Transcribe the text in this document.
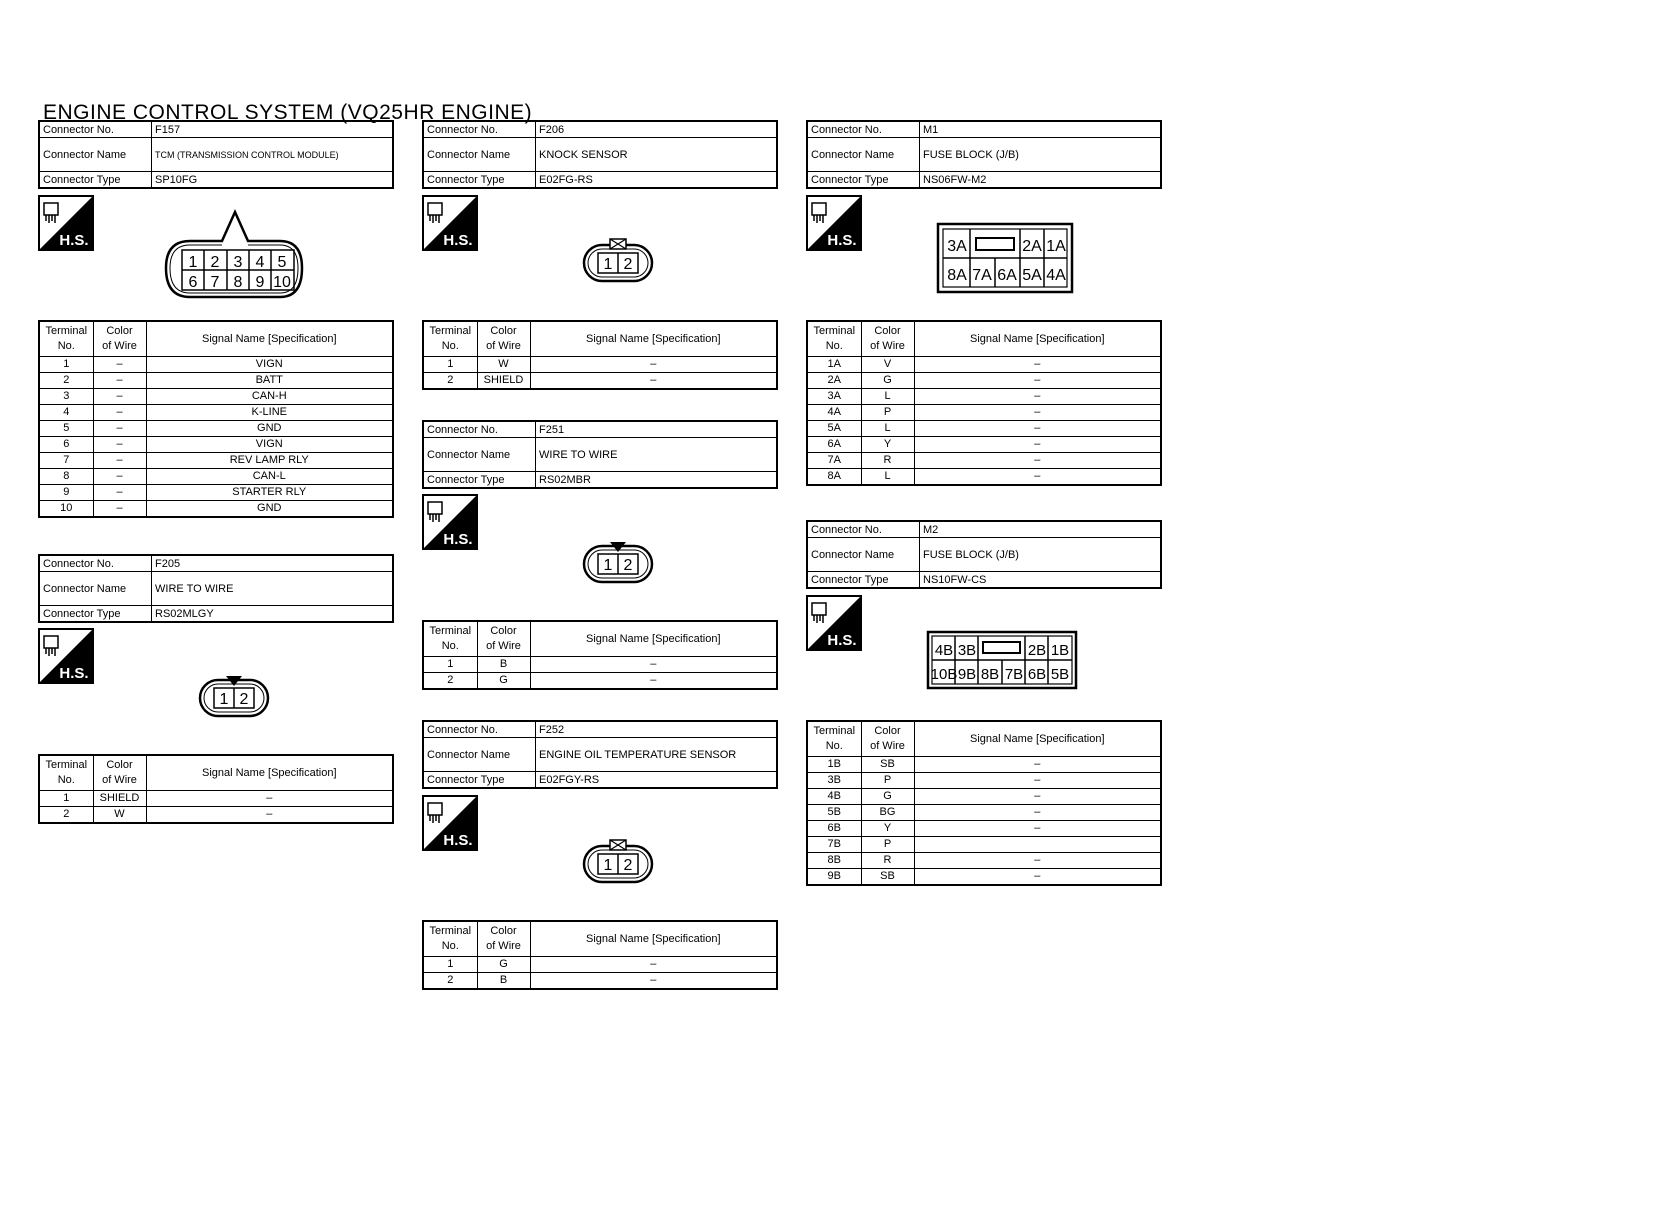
ENGINE CONTROL SYSTEM (VQ25HR ENGINE)
Connector No.	F157
Connector Name	TCM (TRANSMISSION CONTROL MODULE)
Connector Type	SP10FG
H.S.
1 2 3 4 5
6 7 8 9 10
Terminal
No.	Color
of Wire	Signal Name [Specification]
1	–	VIGN
2	–	BATT
3	–	CAN-H
4	–	K-LINE
5	–	GND
6	–	VIGN
7	–	REV LAMP RLY
8	–	CAN-L
9	–	STARTER RLY
10	–	GND
Connector No.	F205
Connector Name	WIRE TO WIRE
Connector Type	RS02MLGY
H.S.
1 2
Terminal
No.	Color
of Wire	Signal Name [Specification]
1	SHIELD	–
2	W	–
Connector No.	F206
Connector Name	KNOCK SENSOR
Connector Type	E02FG-RS
H.S.
1 2
Terminal
No.	Color
of Wire	Signal Name [Specification]
1	W	–
2	SHIELD	–
Connector No.	F251
Connector Name	WIRE TO WIRE
Connector Type	RS02MBR
H.S.
1 2
Terminal
No.	Color
of Wire	Signal Name [Specification]
1	B	–
2	G	–
Connector No.	F252
Connector Name	ENGINE OIL TEMPERATURE SENSOR
Connector Type	E02FGY-RS
H.S.
1 2
Terminal
No.	Color
of Wire	Signal Name [Specification]
1	G	–
2	B	–
Connector No.	M1
Connector Name	FUSE BLOCK (J/B)
Connector Type	NS06FW-M2
H.S.	3A	2A 1A
8A 7A 6A 5A 4A
Terminal
No.	Color
of Wire	Signal Name [Specification]
1A	V	–
2A	G	–
3A	L	–
4A	P	–
5A	L	–
6A	Y	–
7A	R	–
8A	L	–
Connector No.	M2
Connector Name	FUSE BLOCK (J/B)
Connector Type	NS10FW-CS
H.S.
4B 3B	2B 1B
10B 9B 8B 7B 6B 5B
Terminal
No.	Color
of Wire	Signal Name [Specification]
1B	SB	–
3B	P	–
4B	G	–
5B	BG	–
6B	Y	–
7B	P	
8B	R	–
9B	SB	–
